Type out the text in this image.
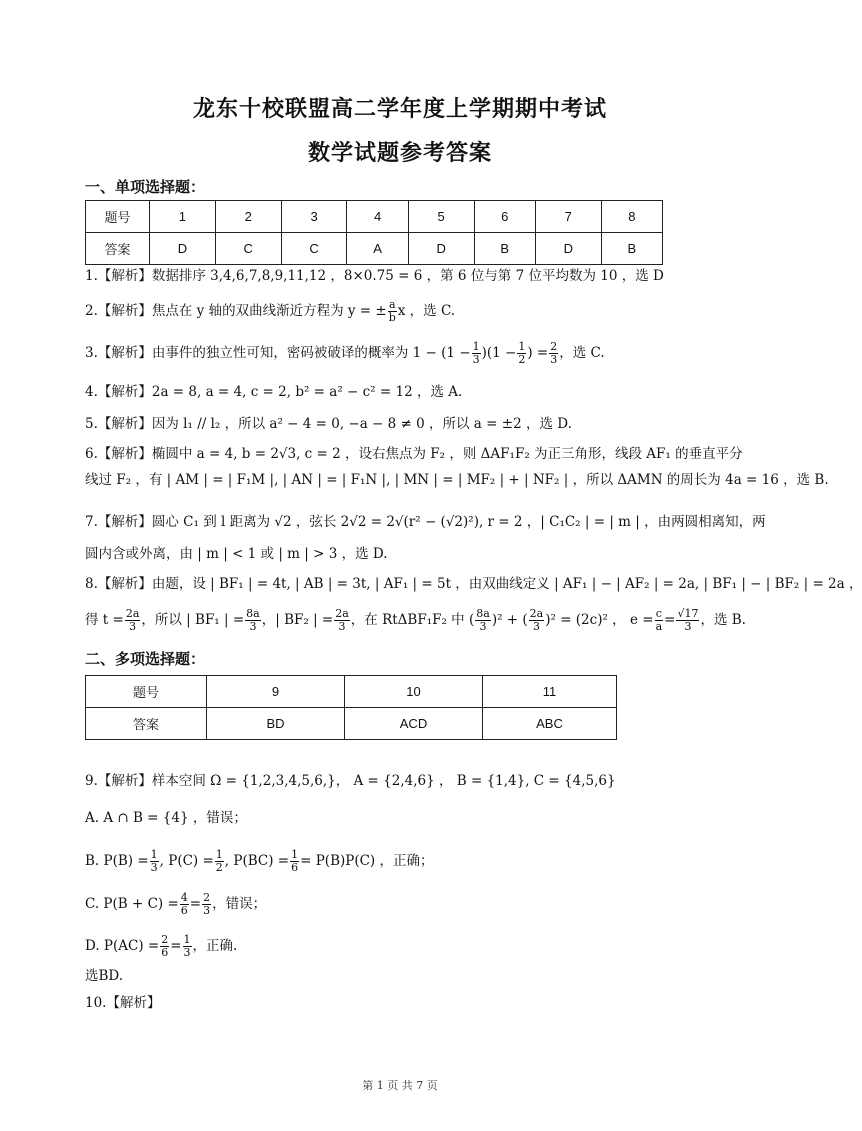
龙东十校联盟高二学年度上学期期中考试
数学试题参考答案
一、单项选择题：
题号	1	2	3	4	5	6	7	8
答案	D	C	C	A	D	B	D	B
1.【解析】数据排序 3,4,6,7,8,9,11,12 ，8×0.75 = 6 ，第 6 位与第 7 位平均数为 10 ，选 D
2.【解析】焦点在 y 轴的双曲线渐近方程为 y = ± $\frac{a}{b}$ x ，选 C.
3.【解析】由事件的独立性可知，密码被破译的概率为 $1 - (1 - \frac{1}{3} )(1 - \frac{1}{2}$ ) = $\frac{2}{3}$ ，选 C.
4.【解析】2a = 8, a = 4, c = 2, b² = a² − c² = 12 ，选 A.
5.【解析】因为 l₁ // l₂ ，所以 a² − 4 = 0, −a − 8 ≠ 0 ，所以 a = ±2 ，选 D.
6.【解析】椭圆中 a = 4, b = 2√3, c = 2 ，设右焦点为 F₂ ，则 ΔAF₁F₂ 为正三角形，线段 AF₁ 的垂直平分
线过 F₂ ，有 | AM | = | F₁M |, | AN | = | F₁N |, | MN | = | MF₂ | + | NF₂ | ，所以 ΔAMN 的周长为 4a = 16 ，选 B.
7.【解析】圆心 C₁ 到 l 距离为 √2 ，弦长 2√2 = 2√(r² − (√2)²), r = 2 ，| C₁C₂ | = | m | ，由两圆相离知，两
圆内含或外离，由 | m | < 1 或 | m | > 3 ，选 D.
8.【解析】由题，设 | BF₁ | = 4t, | AB | = 3t, | AF₁ | = 5t ，由双曲线定义 | AF₁ | − | AF₂ | = 2a, | BF₁ | − | BF₂ | = 2a ，
得 $t = \frac{2a}{3}$ ，所以 | BF₁ | = $\frac{8a}{3}$ ，| BF₂ | = $\frac{2a}{3}$ ，在 RtΔBF₁F₂ 中 ( $\frac{8a}{3} )^2$ + ( $\frac{2a}{3} )^2 = (2c)^2$ ， $e = \frac{c}{a} = \frac{√17}{3}$ ，选 B.
二、多项选择题：
题号	9	10	11
答案	BD	ACD	ABC
9.【解析】样本空间 Ω = {1,2,3,4,5,6,}， A = {2,4,6} ， B = {1,4}, C = {4,5,6}
A. A ∩ B = {4} ，错误；
B. $P(B) = \frac{1}{3}$ , $P(C) = \frac{1}{2}$ , $P(BC) = \frac{1}{6} = P(B)P(C)$ ，正确；
C. $P(B + C) = \frac{4}{6} = \frac{2}{3}$ ，错误；
D. $P(AC) = \frac{2}{6} = \frac{1}{3}$ ，正确.
选BD.
10.【解析】
第 1 页 共 7 页
